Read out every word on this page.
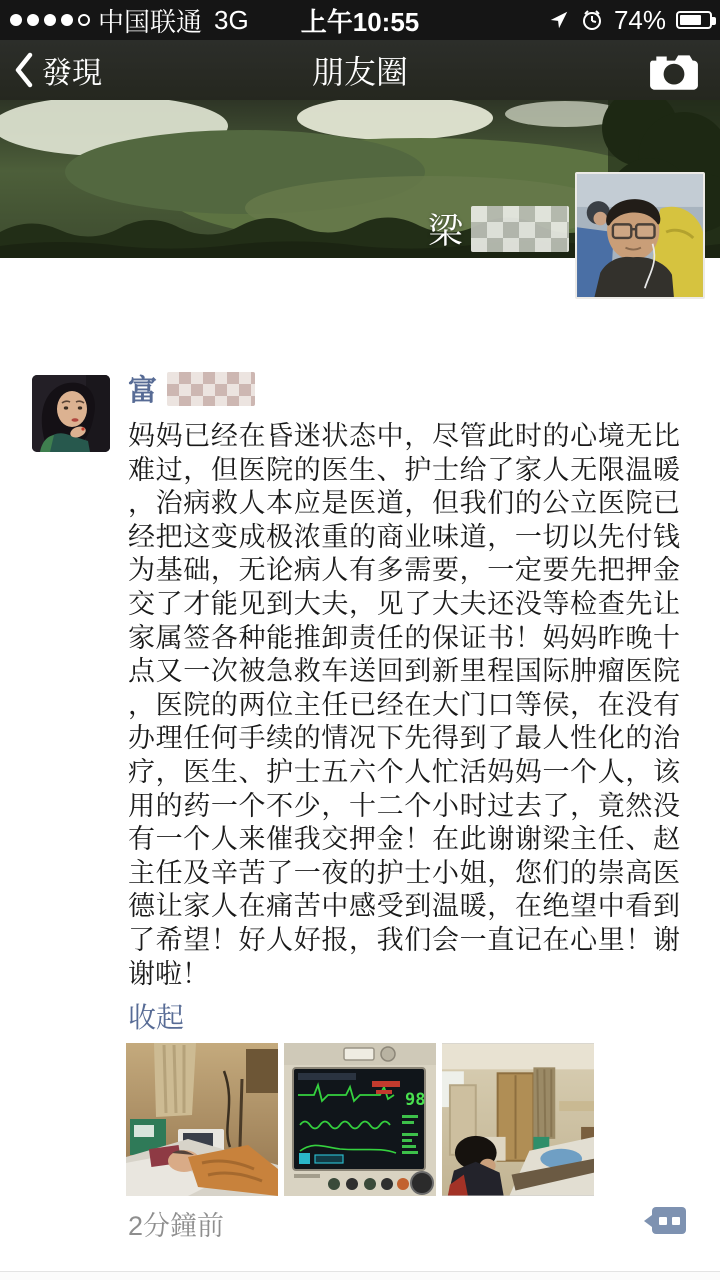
中国联通 3G	上午10:55	74%
發現	朋友圈
梁
富
妈妈已经在昏迷状态中，尽管此时的心境无比难过，但医院的医生、护士给了家人无限温暖，治病救人本应是医道，但我们的公立医院已经把这变成极浓重的商业味道，一切以先付钱为基础，无论病人有多需要，一定要先把押金交了才能见到大夫，见了大夫还没等检查先让家属签各种能推卸责任的保证书！妈妈昨晚十点又一次被急救车送回到新里程国际肿瘤医院，医院的两位主任已经在大门口等侯，在没有办理任何手续的情况下先得到了最人性化的治疗，医生、护士五六个人忙活妈妈一个人，该用的药一个不少，十二个小时过去了，竟然没有一个人来催我交押金！在此谢谢梁主任、赵主任及辛苦了一夜的护士小姐，您们的崇高医德让家人在痛苦中感受到温暖，在绝望中看到了希望！好人好报，我们会一直记在心里！谢谢啦！
收起
98
2分鐘前
